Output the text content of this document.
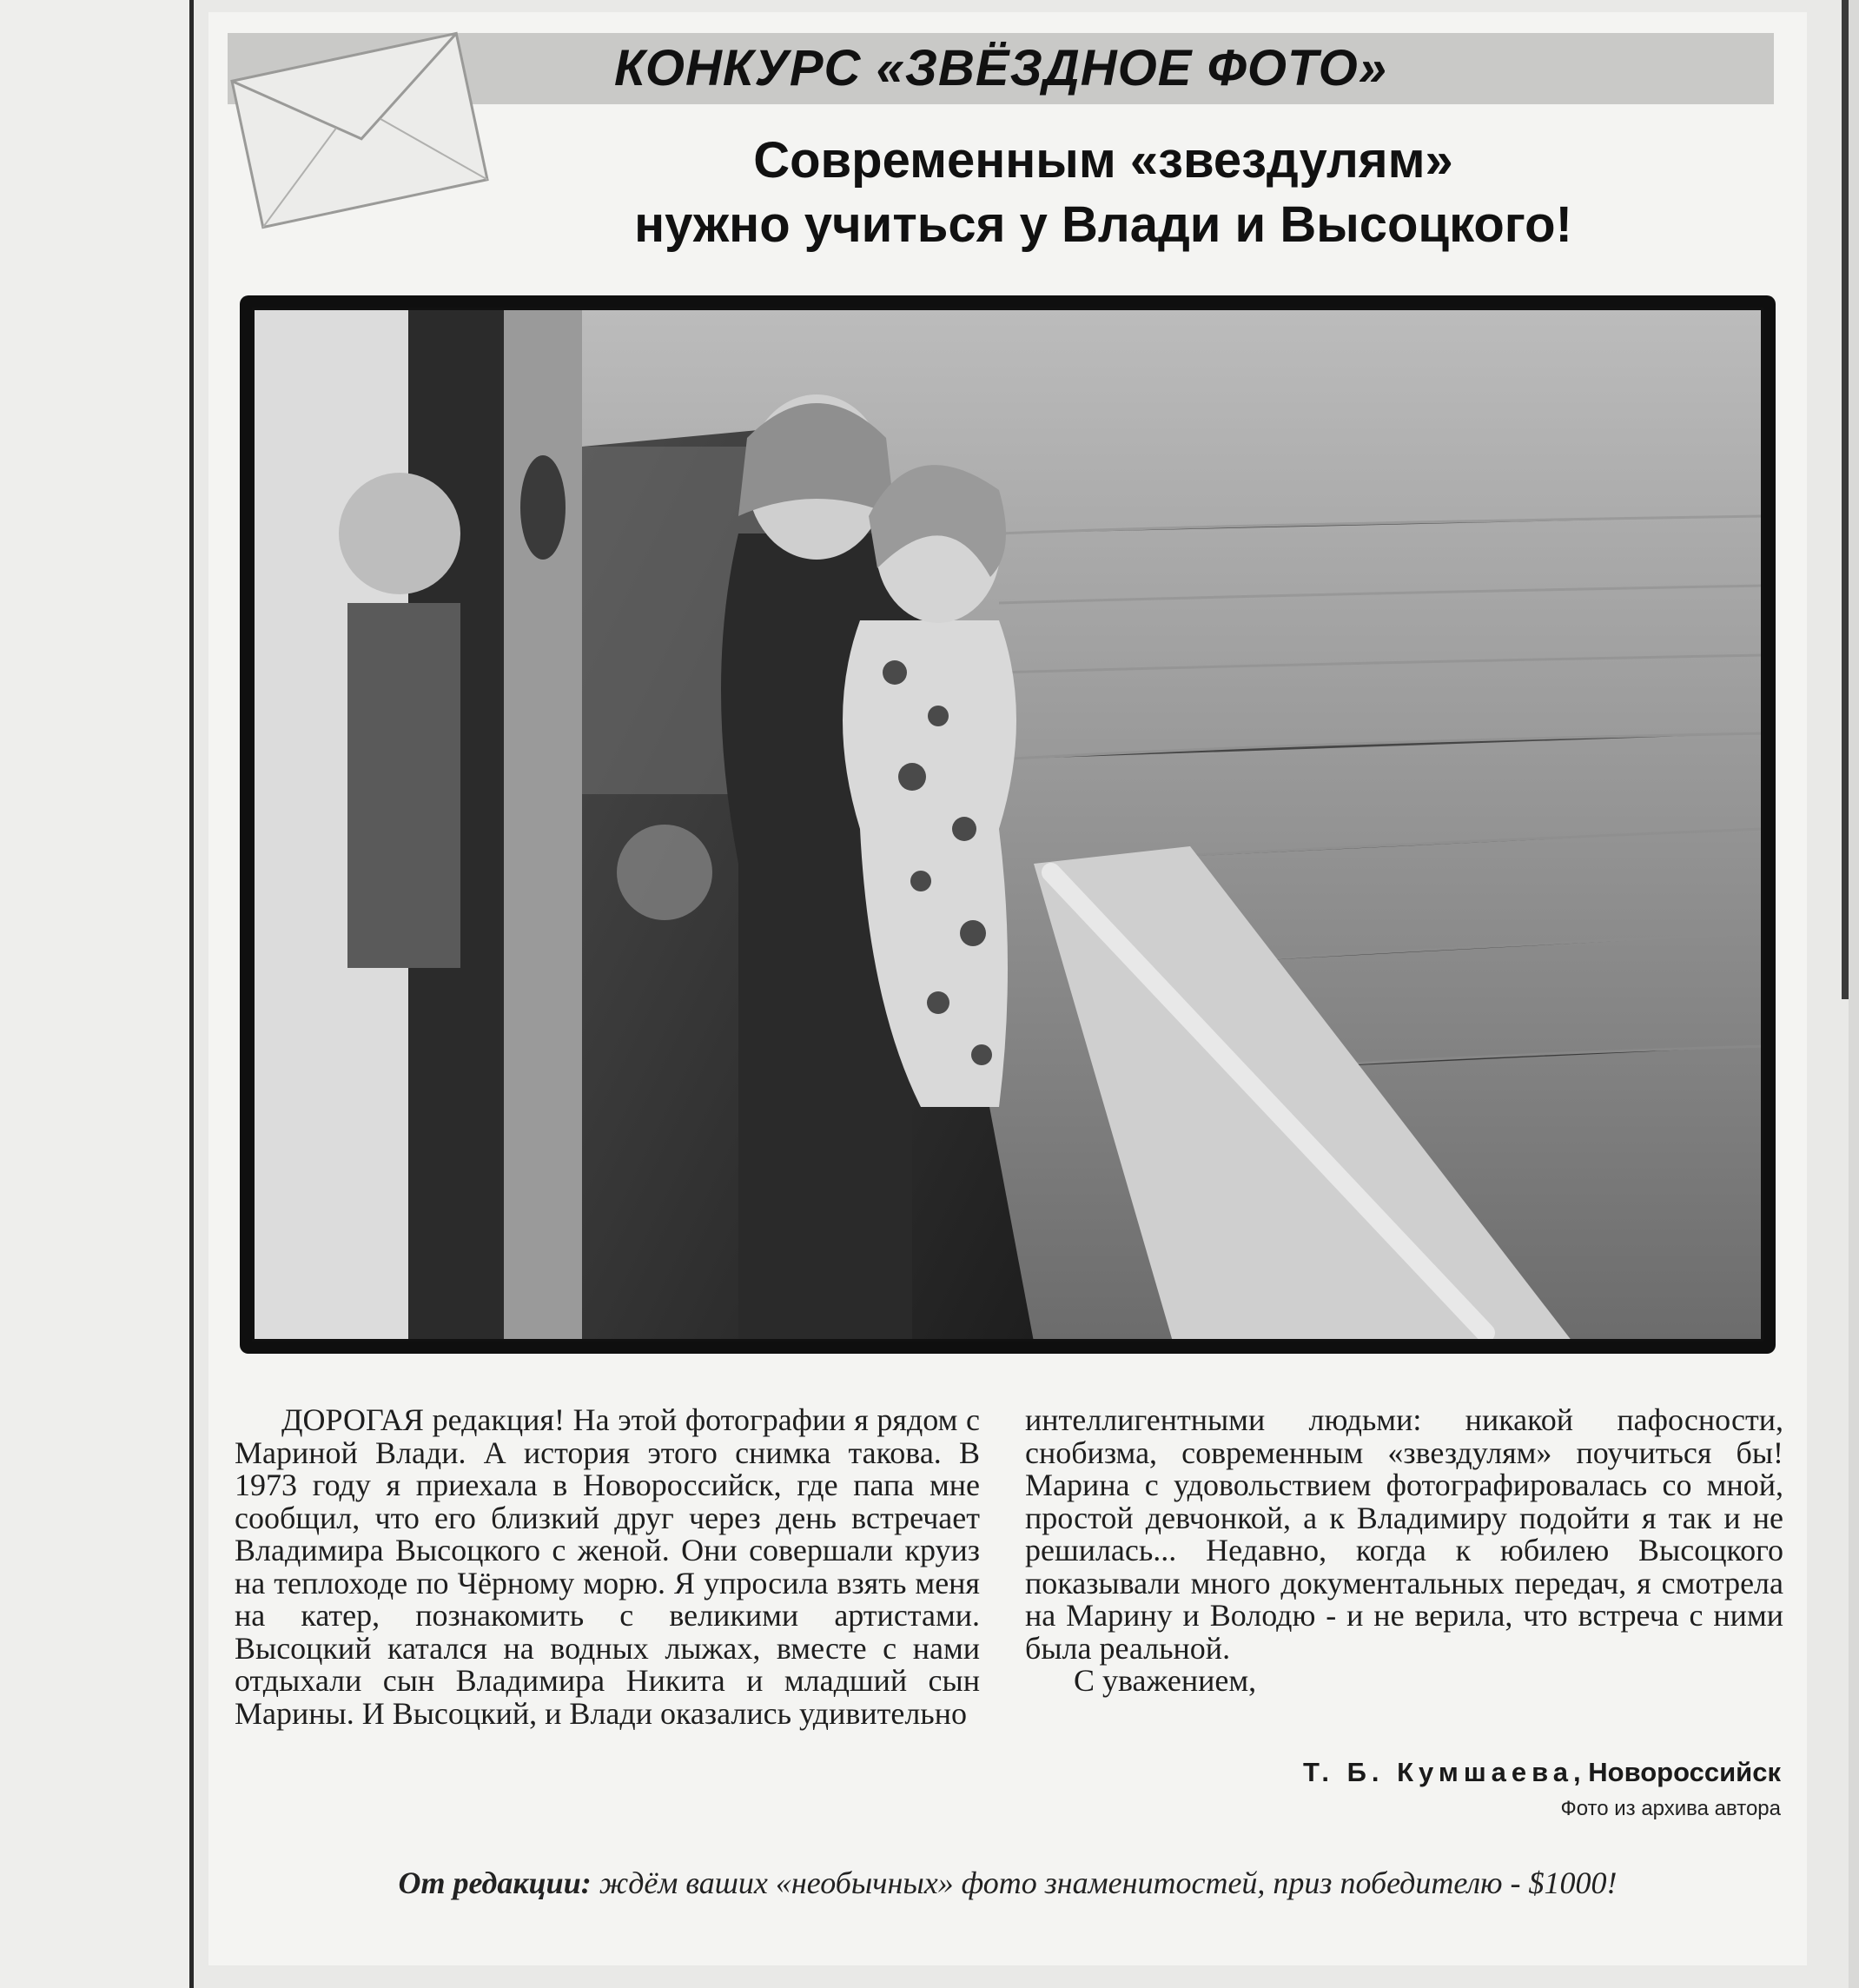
КОНКУРС «ЗВЁЗДНОЕ ФОТО»
Современным «звездулям»
нужно учиться у Влади и Высоцкого!

ДОРОГАЯ редакция! На этой фотографии я рядом с Мариной Влади. А история этого снимка такова. В 1973 году я приехала в Новороссийск, где папа мне сообщил, что его близкий друг через день встречает Владимира Высоцкого с женой. Они совершали круиз на теплоходе по Чёрному морю. Я упросила взять меня на катер, познакомить с великими артистами. Высоцкий катался на водных лыжах, вместе с нами отдыхали сын Владимира Никита и младший сын Марины. И Высоцкий, и Влади оказались удивительно

интеллигентными людьми: никакой пафосности, снобизма, современным «звездулям» поучиться бы! Марина с удовольствием фотографировалась со мной, простой девчонкой, а к Владимиру подойти я так и не решилась... Недавно, когда к юбилею Высоцкого показывали много документальных передач, я смотрела на Марину и Володю - и не верила, что встреча с ними была реальной.

С уважением,

Т. Б. Кумшаева, Новороссийск
Фото из архива автора
От редакции: ждём ваших «необычных» фото знаменитостей, приз победителю - $1000!
